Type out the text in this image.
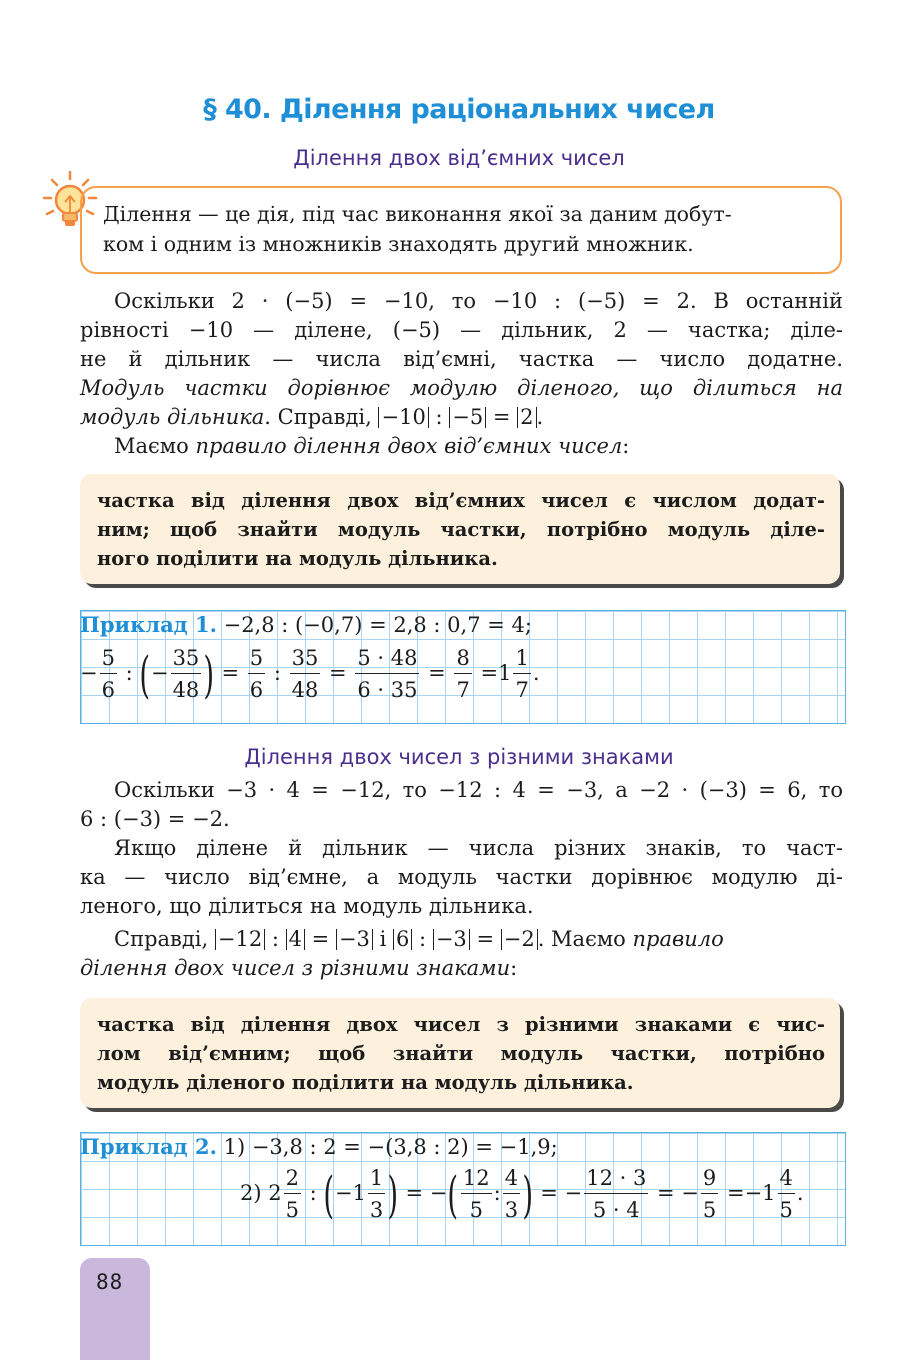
§ 40. Ділення раціональних чисел
Ділення двох від’ємних чисел
Ділення — це дія, під час виконання якої за даним добут-
ком і одним із множників знаходять другий множник.
Оскільки 2 · (−5) = −10, то −10 : (−5) = 2. В останній
рівності −10 — ділене, (−5) — дільник, 2 — частка; діле-
не й дільник — числа від’ємні, частка — число додатне.
Модуль частки дорівнює модулю діленого, що ділиться на
модуль дільника. Справді, −10 : −5 = 2 .
Маємо правило ділення двох від’ємних чисел:
частка від ділення двох від’ємних чисел є числом додат-
ним; щоб знайти модуль частки, потрібно модуль діле-
ного поділити на модуль дільника.
Приклад 1. −2,8 : (−0,7) = 2,8 : 0,7 = 4;
− $\frac{5}{6}$ : (− $\frac{35}{48}$ ) = $\frac{5}{6}$ : $\frac{35}{48} = \frac{5 \cdot 48}{6 \cdot 35} = \frac{8}{7} =1 \frac{1}{7}$ .
Ділення двох чисел з різними знаками
Оскільки −3 · 4 = −12, то −12 : 4 = −3, а −2 · (−3) = 6, то
6 : (−3) = −2.
Якщо ділене й дільник — числа різних знаків, то част-
ка — число від’ємне, а модуль частки дорівнює модулю ді-
леного, що ділиться на модуль дільника.
Справді, −12 : 4 = −3 і 6 : −3 = −2 . Маємо правило
ділення двох чисел з різними знаками:
частка від ділення двох чисел з різними знаками є чис-
лом від’ємним; щоб знайти модуль частки, потрібно
модуль діленого поділити на модуль дільника.
Приклад 2. 1) −3,8 : 2 = −(3,8 : 2) = −1,9;
2) $2 \frac{2}{5}$ : ($-1 \frac{1}{3}$ ) = −( $\frac{12}{5}$ : $\frac{4}{3}$ ) = − $\frac{12 \cdot 3}{5 \cdot 4}$ = − $\frac{9}{5} =-1 \frac{4}{5}$ .
88
